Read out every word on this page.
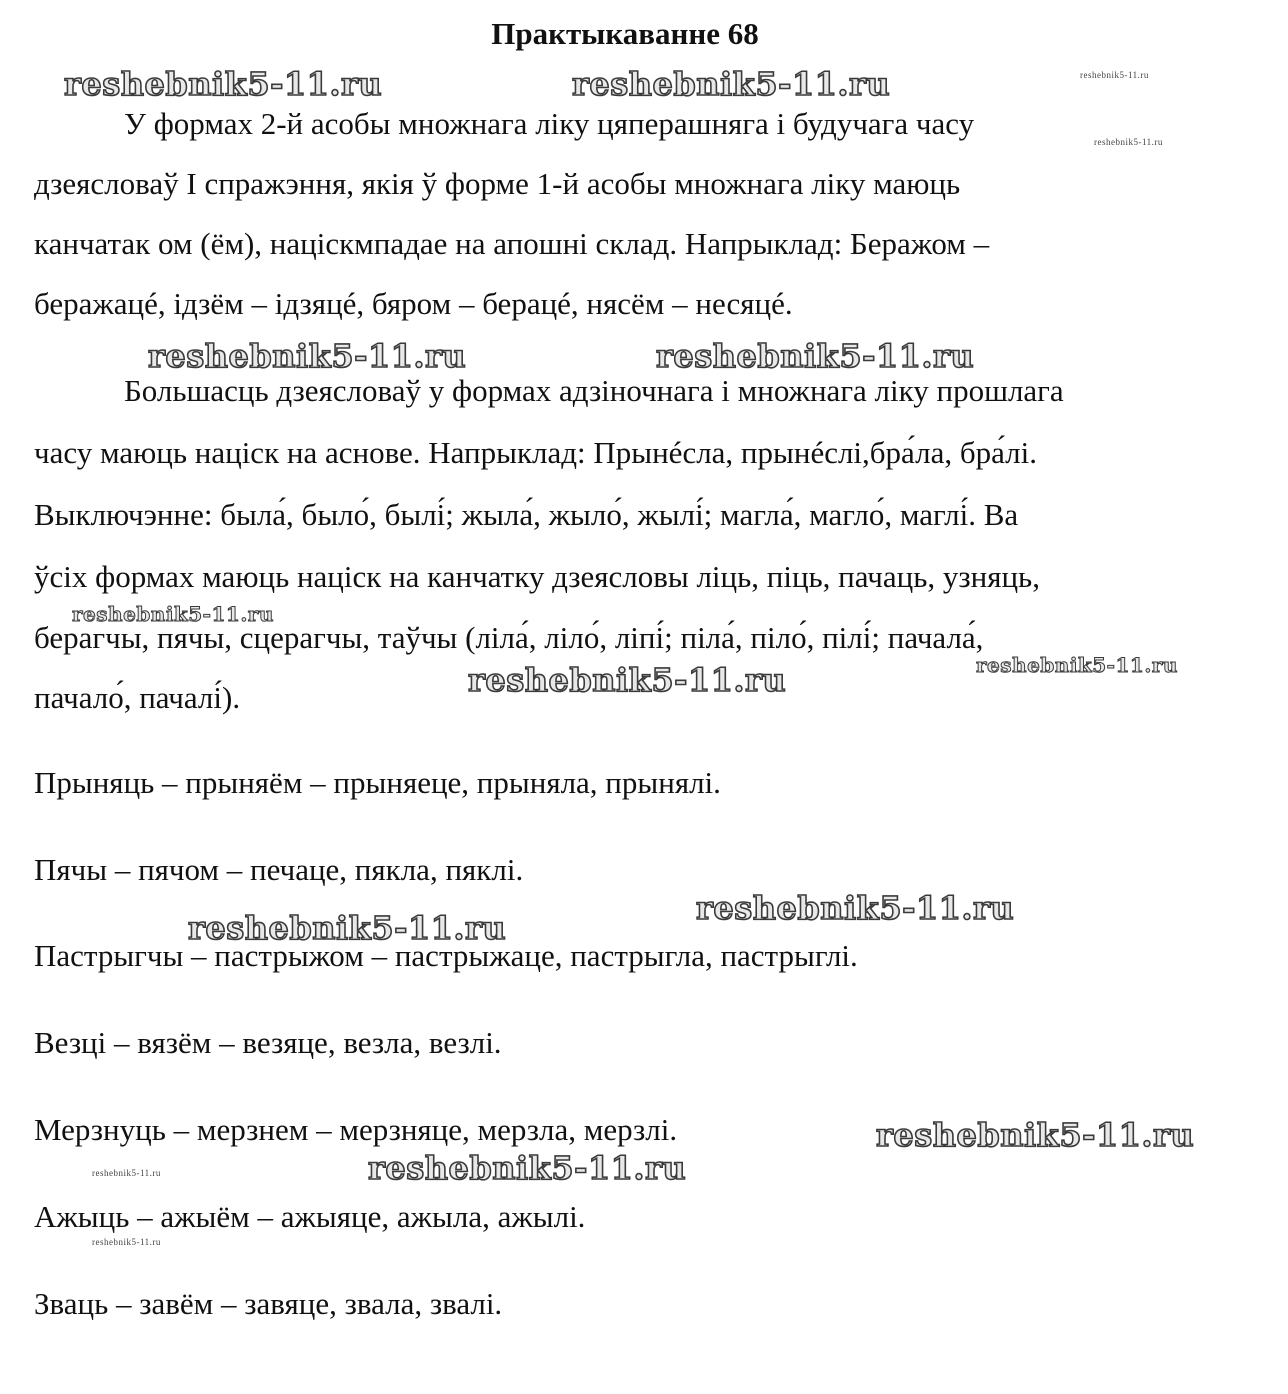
Практыкаванне 68
У формах 2-й асобы множнага ліку цяперашняга і будучага часу
дзеясловаў I спражэння, якія ў форме 1-й асобы множнага ліку маюць
канчатак ом (ём), націскмпадае на апошні склад. Напрыклад: Беражом –
беражацé, ідзём – ідзяцé, бяром – берацé, нясём – несяцé.
Большасць дзеясловаў у формах адзіночнага і множнага ліку прошлага
часу маюць націск на аснове. Напрыклад: Прынéсла, прынéслі,бра́ла, бра́лі.
Выключэнне: была́, было́, былі́; жыла́, жыло́, жылі́; магла́, магло́, маглі́. Ва
ўсіх формах маюць націск на канчатку дзеясловы ліць, піць, пачаць, узняць,
берагчы, пячы, сцерагчы, таўчы (ліла́, ліло́, ліпі́; піла́, піло́, пілі́; пачала́,
пачало́, пачалі́).
Прыняць – прыняём – прыняеце, прыняла, прынялі.
Пячы – пячом – печаце, пякла, пяклі.
Пастрыгчы – пастрыжом – пастрыжаце, пастрыгла, пастрыглі.
Везці – вязём – везяце, везла, везлі.
Мерзнуць – мерзнем – мерзняце, мерзла, мерзлі.
Ажыць – ажыём – ажыяце, ажыла, ажылі.
Зваць – завём – завяце, звала, звалі.
reshebnik5-11.ru	reshebnik5-11.ru	reshebnik5-11.ru
reshebnik5-11.ru
reshebnik5-11.ru	reshebnik5-11.ru
reshebnik5-11.ru
reshebnik5-11.ru
reshebnik5-11.ru
reshebnik5-11.ru
reshebnik5-11.ru
reshebnik5-11.ru
reshebnik5-11.ru
reshebnik5-11.ru
reshebnik5-11.ru
